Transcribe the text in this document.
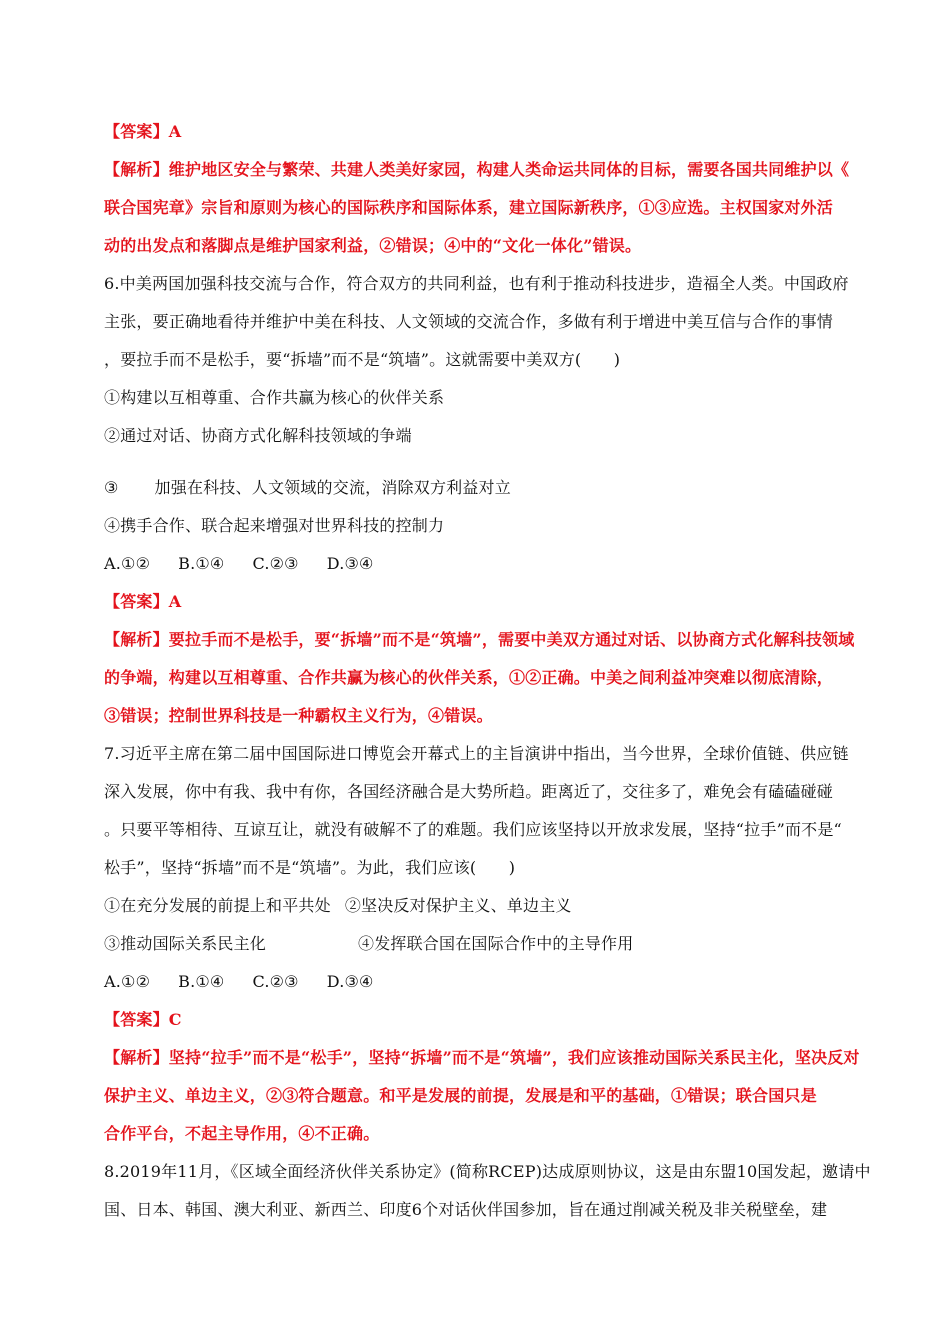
【答案】A
【解析】维护地区安全与繁荣、共建人类美好家园，构建人类命运共同体的目标，需要各国共同维护以《
联合国宪章》宗旨和原则为核心的国际秩序和国际体系，建立国际新秩序，①③应选。主权国家对外活
动的出发点和落脚点是维护国家利益，②错误；④中的“文化一体化”错误。
6.中美两国加强科技交流与合作，符合双方的共同利益，也有利于推动科技进步，造福全人类。中国政府
主张，要正确地看待并维护中美在科技、人文领域的交流合作，多做有利于增进中美互信与合作的事情
，要拉手而不是松手，要“拆墙”而不是“筑墙”。这就需要中美双方(　　)
①构建以互相尊重、合作共赢为核心的伙伴关系
②通过对话、协商方式化解科技领域的争端
③ 加强在科技、人文领域的交流，消除双方利益对立
④携手合作、联合起来增强对世界科技的控制力
A.①② B.①④ C.②③ D.③④
【答案】A
【解析】要拉手而不是松手，要“拆墙”而不是“筑墙”，需要中美双方通过对话、以协商方式化解科技领域
的争端，构建以互相尊重、合作共赢为核心的伙伴关系，①②正确。中美之间利益冲突难以彻底清除，
③错误；控制世界科技是一种霸权主义行为，④错误。
7.习近平主席在第二届中国国际进口博览会开幕式上的主旨演讲中指出，当今世界，全球价值链、供应链
深入发展，你中有我、我中有你，各国经济融合是大势所趋。距离近了，交往多了，难免会有磕磕碰碰
。只要平等相待、互谅互让，就没有破解不了的难题。我们应该坚持以开放求发展，坚持“拉手”而不是“
松手”，坚持“拆墙”而不是“筑墙”。为此，我们应该(　　)
①在充分发展的前提上和平共处 ②坚决反对保护主义、单边主义
③推动国际关系民主化	④发挥联合国在国际合作中的主导作用
A.①② B.①④ C.②③ D.③④
【答案】C
【解析】坚持“拉手”而不是“松手”，坚持“拆墙”而不是“筑墙”，我们应该推动国际关系民主化，坚决反对
保护主义、单边主义，②③符合题意。和平是发展的前提，发展是和平的基础，①错误；联合国只是
合作平台，不起主导作用，④不正确。
8.2019年11月，《区域全面经济伙伴关系协定》(简称RCEP)达成原则协议，这是由东盟10国发起，邀请中
国、日本、韩国、澳大利亚、新西兰、印度6个对话伙伴国参加，旨在通过削减关税及非关税壁垒，建
